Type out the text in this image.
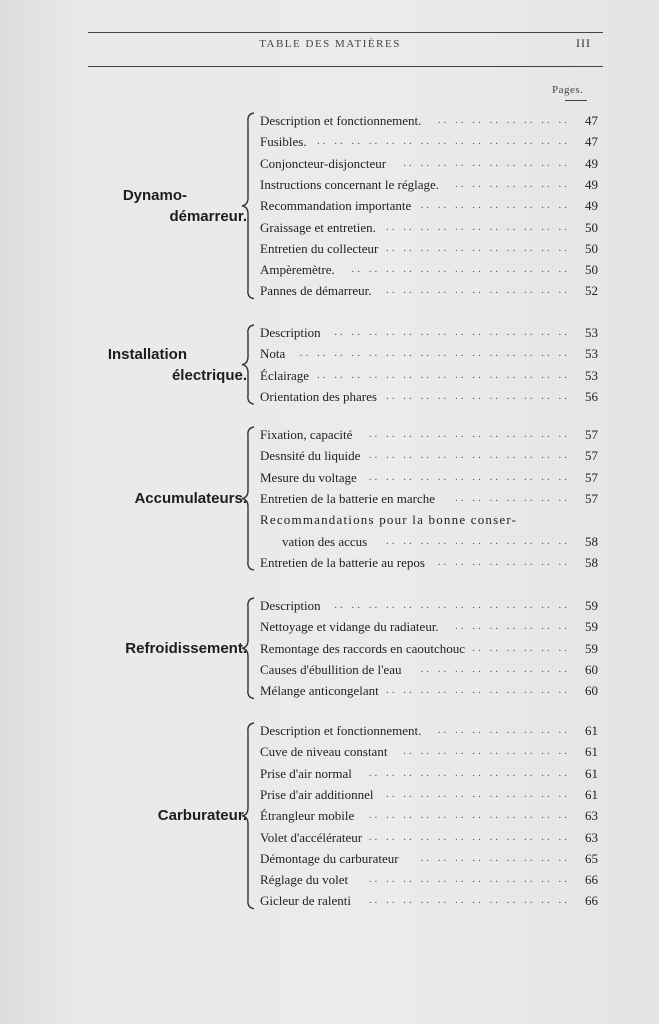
TABLE DES MATIÈRES	III
Pages.
Dynamo-
démarreur.
Description et fonctionnement. .. .. .. .. .. .. .. ..	47
Fusibles. .. .. .. .. .. .. .. .. .. .. .. .. .. .. ..	47
Conjoncteur-disjoncteur .. .. .. .. .. .. .. .. .. ..	49
Instructions concernant le réglage. .. .. .. .. .. .. ..	49
Recommandation importante .. .. .. .. .. .. .. .. ..	49
Graissage et entretien. .. .. .. .. .. .. .. .. .. .. ..	50
Entretien du collecteur .. .. .. .. .. .. .. .. .. .. ..	50
Ampèremètre. .. .. .. .. .. .. .. .. .. .. .. .. ..	50
Pannes de démarreur. .. .. .. .. .. .. .. .. .. .. ..	52
Installation
électrique.
Description .. .. .. .. .. .. .. .. .. .. .. .. .. ..	53
Nota .. .. .. .. .. .. .. .. .. .. .. .. .. .. .. ..	53
Éclairage .. .. .. .. .. .. .. .. .. .. .. .. .. .. ..	53
Orientation des phares .. .. .. .. .. .. .. .. .. .. ..	56
Accumulateurs.
Fixation, capacité .. .. .. .. .. .. .. .. .. .. .. ..	57
Desnsité du liquide .. .. .. .. .. .. .. .. .. .. .. ..	57
Mesure du voltage .. .. .. .. .. .. .. .. .. .. .. ..	57
Entretien de la batterie en marche .. .. .. .. .. .. ..	57
Recommandations pour la bonne conser-
vation des accus .. .. .. .. .. .. .. .. .. .. ..	58
Entretien de la batterie au repos .. .. .. .. .. .. .. ..	58
Refroidissement.
Description .. .. .. .. .. .. .. .. .. .. .. .. .. ..	59
Nettoyage et vidange du radiateur. .. .. .. .. .. .. ..	59
Remontage des raccords en caoutchouc .. .. .. .. .. ..	59
Causes d'ébullition de l'eau .. .. .. .. .. .. .. .. ..	60
Mélange anticongelant .. .. .. .. .. .. .. .. .. .. ..	60
Carburateur.
Description et fonctionnement. .. .. .. .. .. .. .. ..	61
Cuve de niveau constant .. .. .. .. .. .. .. .. .. ..	61
Prise d'air normal .. .. .. .. .. .. .. .. .. .. .. ..	61
Prise d'air additionnel .. .. .. .. .. .. .. .. .. .. ..	61
Étrangleur mobile .. .. .. .. .. .. .. .. .. .. .. ..	63
Volet d'accélérateur .. .. .. .. .. .. .. .. .. .. .. ..	63
Démontage du carburateur .. .. .. .. .. .. .. .. ..	65
Réglage du volet .. .. .. .. .. .. .. .. .. .. .. ..	66
Gicleur de ralenti .. .. .. .. .. .. .. .. .. .. .. ..	66
